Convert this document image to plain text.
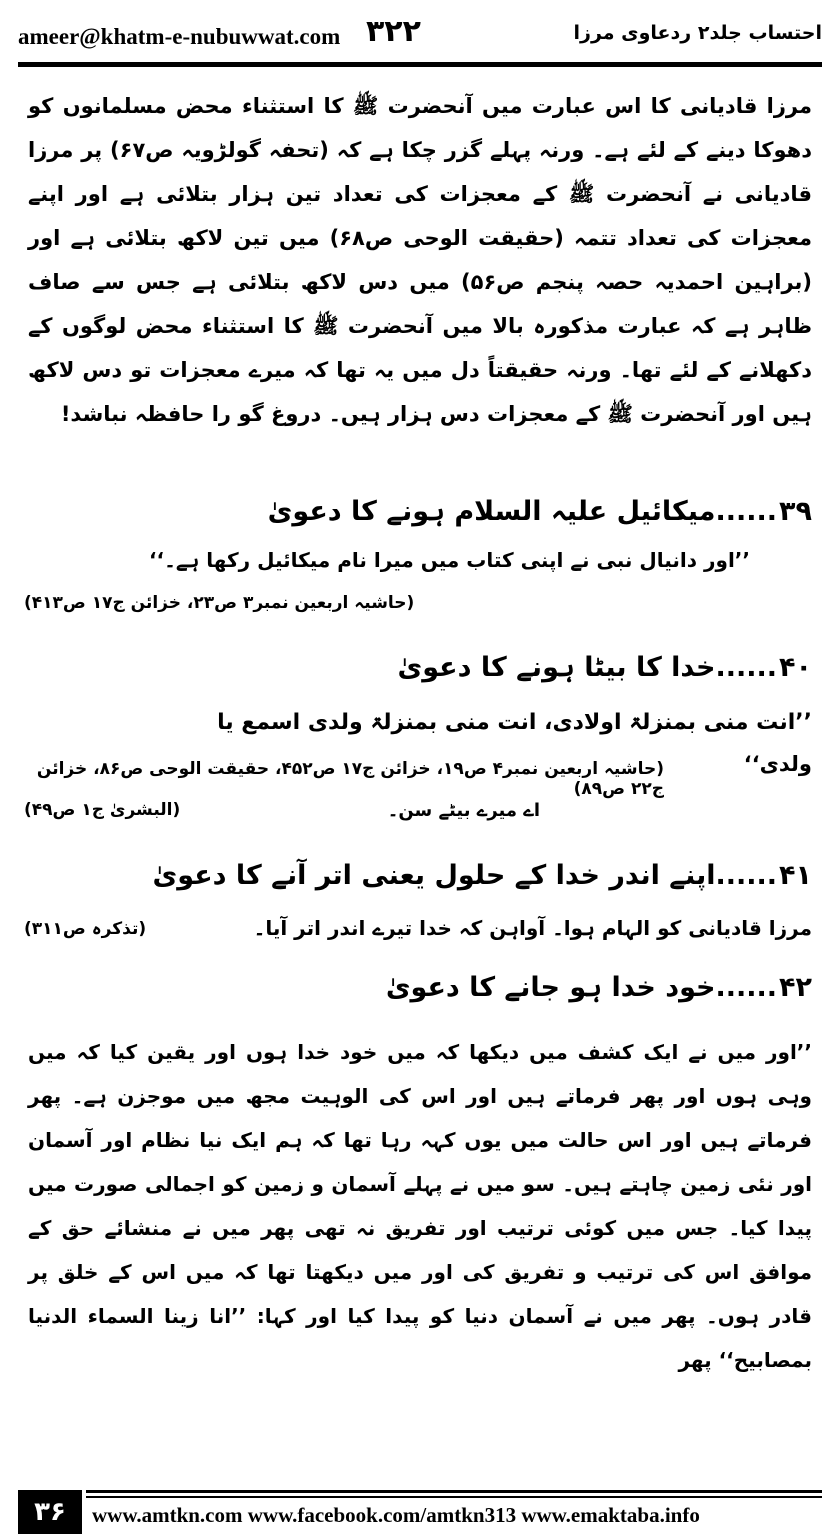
ameer@khatm-e-nubuwwat.com ۳۲۲	احتساب جلد۲ ردعاوی مرزا
مرزا قادیانی کا اس عبارت میں آنحضرت ﷺ کا استثناء محض مسلمانوں کو دھوکا دینے کے لئے ہے۔ ورنہ پہلے گزر چکا ہے کہ (تحفہ گولڑویہ ص۶۷) پر مرزا قادیانی نے آنحضرت ﷺ کے معجزات کی تعداد تین ہزار بتلائی ہے اور اپنے معجزات کی تعداد تتمہ (حقیقت الوحی ص۶۸) میں تین لاکھ بتلائی ہے اور (براہین احمدیہ حصہ پنجم ص۵۶) میں دس لاکھ بتلائی ہے جس سے صاف ظاہر ہے کہ عبارت مذکورہ بالا میں آنحضرت ﷺ کا استثناء محض لوگوں کے دکھلانے کے لئے تھا۔ ورنہ حقیقتاً دل میں یہ تھا کہ میرے معجزات تو دس لاکھ ہیں اور آنحضرت ﷺ کے معجزات دس ہزار ہیں۔ دروغ گو را حافظہ نباشد!
۳۹......میکائیل علیہ السلام ہونے کا دعویٰ
’’اور دانیال نبی نے اپنی کتاب میں میرا نام میکائیل رکھا ہے۔‘‘
(حاشیہ اربعین نمبر۳ ص۲۳، خزائن ج۱۷ ص۴۱۳)
۴۰......خدا کا بیٹا ہونے کا دعویٰ
’’انت منی بمنزلۃ اولادی، انت منی بمنزلۃ ولدی اسمع یا
ولدی‘‘
(حاشیہ اربعین نمبر۴ ص۱۹، خزائن ج۱۷ ص۴۵۲، حقیقت الوحی ص۸۶، خزائن ج۲۲ ص۸۹)
اے میرے بیٹے سن۔
(البشریٰ ج۱ ص۴۹)
۴۱......اپنے اندر خدا کے حلول یعنی اتر آنے کا دعویٰ
مرزا قادیانی کو الہام ہوا۔ آواہن کہ خدا تیرے اندر اتر آیا۔
(تذکرہ ص۳۱۱)
۴۲......خود خدا ہو جانے کا دعویٰ
’’اور میں نے ایک کشف میں دیکھا کہ میں خود خدا ہوں اور یقین کیا کہ میں وہی ہوں اور پھر فرماتے ہیں اور اس کی الوہیت مجھ میں موجزن ہے۔ پھر فرماتے ہیں اور اس حالت میں یوں کہہ رہا تھا کہ ہم ایک نیا نظام اور آسمان اور نئی زمین چاہتے ہیں۔ سو میں نے پہلے آسمان و زمین کو اجمالی صورت میں پیدا کیا۔ جس میں کوئی ترتیب اور تفریق نہ تھی پھر میں نے منشائے حق کے موافق اس کی ترتیب و تفریق کی اور میں دیکھتا تھا کہ میں اس کے خلق پر قادر ہوں۔ پھر میں نے آسمان دنیا کو پیدا کیا اور کہا: ’’انا زینا السماء الدنیا بمصابیح‘‘ پھر
۳۶	www.amtkn.com www.facebook.com/amtkn313 www.emaktaba.info
